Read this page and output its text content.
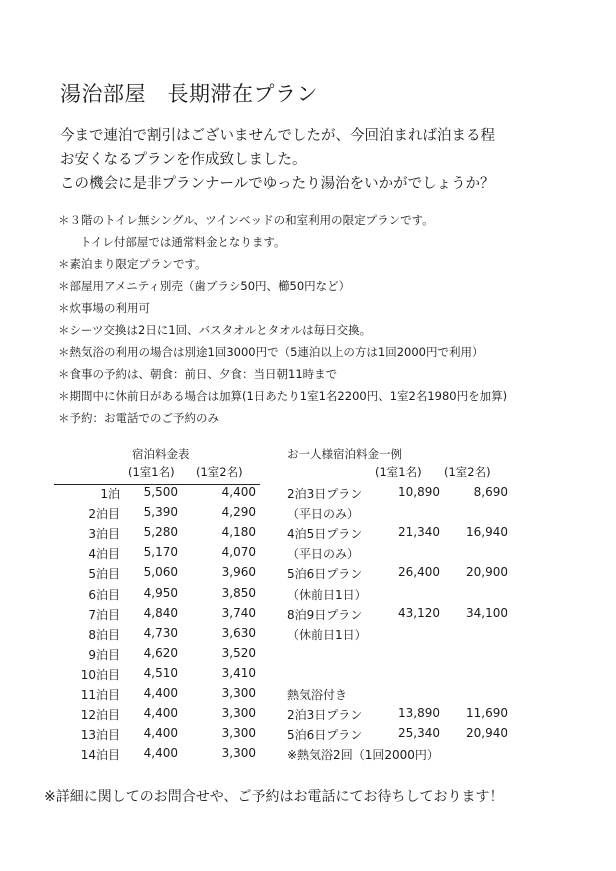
湯治部屋　長期滞在プラン
今まで連泊で割引はございませんでしたが、今回泊まれば泊まる程
お安くなるプランを作成致しました。
この機会に是非プランナールでゆったり湯治をいかがでしょうか？
＊３階のトイレ無シングル、ツインベッドの和室利用の限定プランです。
トイレ付部屋では通常料金となります。
＊素泊まり限定プランです。
＊部屋用アメニティ別売（歯ブラシ50円、櫛50円など）
＊炊事場の利用可
＊シーツ交換は2日に1回、バスタオルとタオルは毎日交換。
＊熱気浴の利用の場合は別途1回3000円で（5連泊以上の方は1回2000円で利用）
＊食事の予約は、朝食：前日、夕食：当日朝11時まで
＊期間中に休前日がある場合は加算(1日あたり1室1名2200円、1室2名1980円を加算)
＊予約：お電話でのご予約のみ
宿泊料金表
(1室1名) (1室2名)
お一人様宿泊料金一例
(1室1名) (1室2名)
1泊 5,500	4,400
2泊目 5,390	4,290
3泊目 5,280	4,180
4泊目 5,170	4,070
5泊目 5,060	3,960
6泊目 4,950	3,850
7泊目 4,840	3,740
8泊目 4,730	3,630
9泊目 4,620	3,520
10泊目 4,510	3,410
11泊目 4,400	3,300
12泊目 4,400	3,300
13泊目 4,400	3,300
14泊目 4,400	3,300
2泊3日プラン	10,890	8,690
（平日のみ）
4泊5日プラン	21,340 16,940
（平日のみ）
5泊6日プラン	26,400 20,900
（休前日1日）
8泊9日プラン	43,120 34,100
（休前日1日）
熱気浴付き
2泊3日プラン	13,890 11,690
5泊6日プラン	25,340 20,940
※熱気浴2回（1回2000円）
※詳細に関してのお問合せや、ご予約はお電話にてお待ちしております！
